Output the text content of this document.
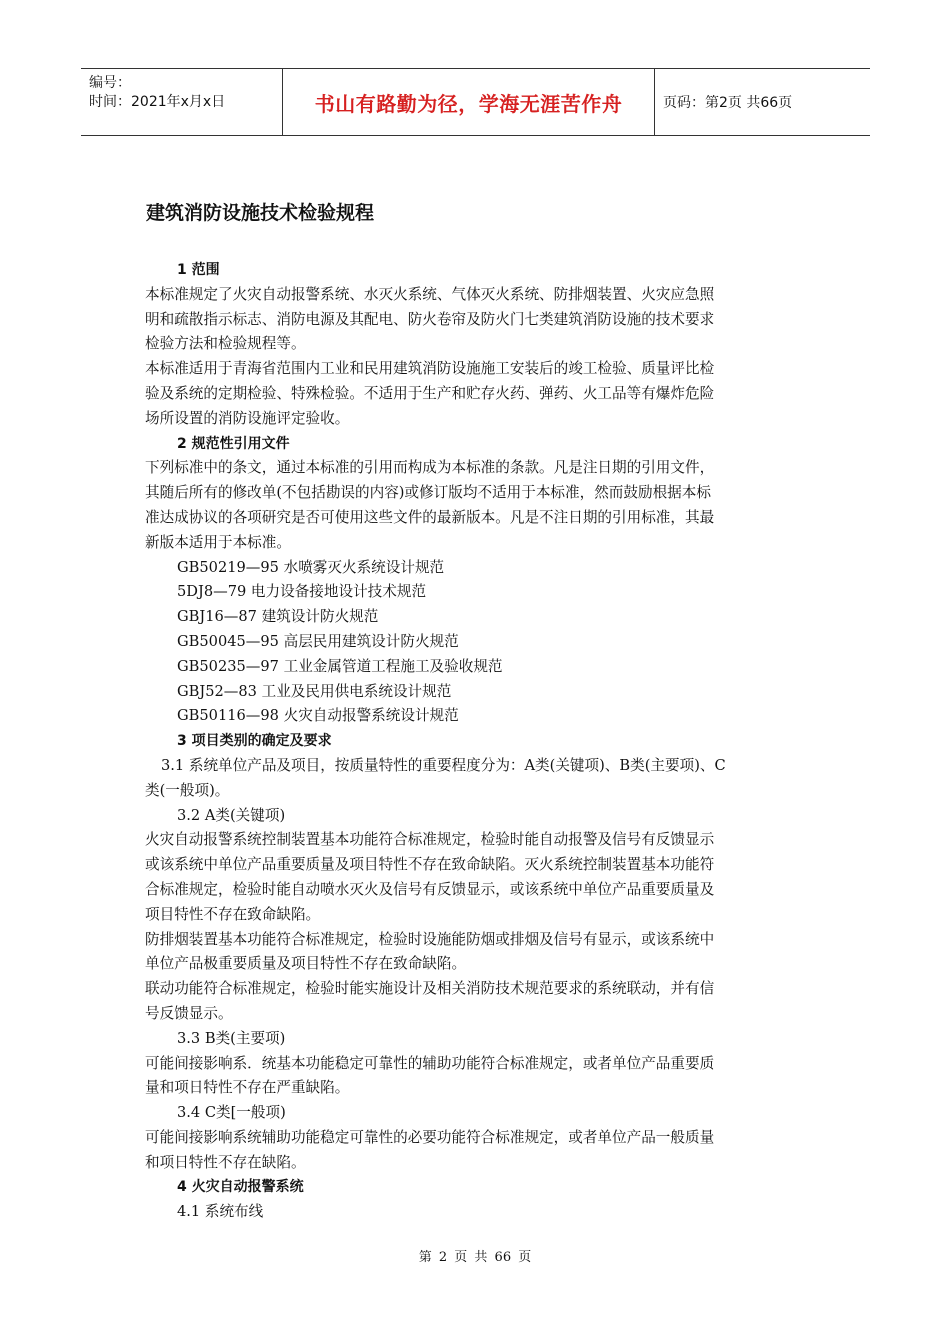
编号：
时间：2021年x月x日	书山有路勤为径，学海无涯苦作舟	页码：第2页 共66页
建筑消防设施技术检验规程

1 范围

本标准规定了火灾自动报警系统、水灭火系统、气体灭火系统、防排烟装置、火灾应急照

明和疏散指示标志、消防电源及其配电、防火卷帘及防火门七类建筑消防设施的技术要求

检验方法和检验规程等。

本标准适用于青海省范围内工业和民用建筑消防设施施工安装后的竣工检验、质量评比检

验及系统的定期检验、特殊检验。不适用于生产和贮存火药、弹药、火工品等有爆炸危险

场所设置的消防设施评定验收。

2 规范性引用文件

下列标准中的条文，通过本标准的引用而构成为本标准的条款。凡是注日期的引用文件，

其随后所有的修改单(不包括勘误的内容)或修订版均不适用于本标准，然而鼓励根据本标

准达成协议的各项研究是否可使用这些文件的最新版本。凡是不注日期的引用标准，其最

新版本适用于本标准。

GB50219—95 水喷雾灭火系统设计规范

5DJ8—79 电力设备接地设计技术规范

GBJ16—87 建筑设计防火规范

GB50045—95 高层民用建筑设计防火规范

GB50235—97 工业金属管道工程施工及验收规范

GBJ52—83 工业及民用供电系统设计规范

GB50116—98 火灾自动报警系统设计规范

3 项目类别的确定及要求

3.1 系统单位产品及项目，按质量特性的重要程度分为：A类(关键项)、B类(主要项)、C

类(一般项)。

3.2 A类(关键项)

火灾自动报警系统控制装置基本功能符合标准规定，检验时能自动报警及信号有反馈显示

或该系统中单位产品重要质量及项目特性不存在致命缺陷。灭火系统控制装置基本功能符

合标准规定，检验时能自动喷水灭火及信号有反馈显示，或该系统中单位产品重要质量及

项目特性不存在致命缺陷。

防排烟装置基本功能符合标准规定，检验时设施能防烟或排烟及信号有显示，或该系统中

单位产品极重要质量及项目特性不存在致命缺陷。

联动功能符合标准规定，检验时能实施设计及相关消防技术规范要求的系统联动，并有信

号反馈显示。

3.3 B类(主要项)

可能间接影响系．统基本功能稳定可靠性的辅助功能符合标准规定，或者单位产品重要质

量和项日特性不存在严重缺陷。

3.4 C类[一般项)

可能间接影响系统辅助功能稳定可靠性的必要功能符合标准规定，或者单位产品一般质量

和项日特性不存在缺陷。

4 火灾自动报警系统

4.1 系统布线

第 2 页 共 66 页
